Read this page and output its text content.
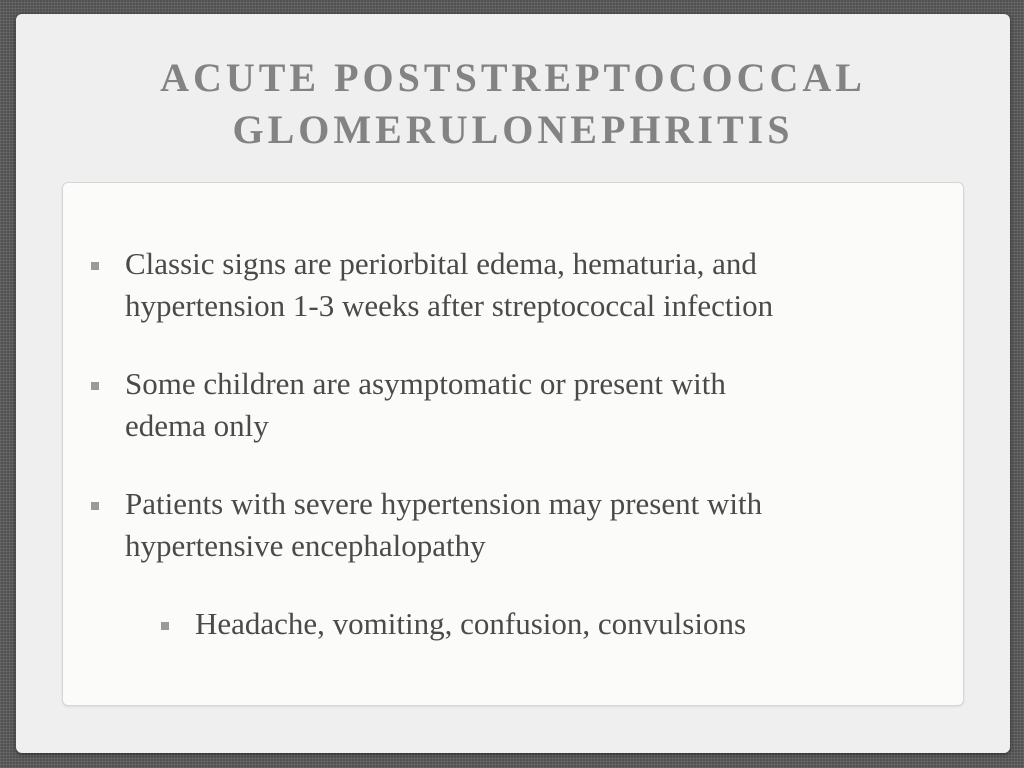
ACUTE POSTSTREPTOCOCCAL
GLOMERULONEPHRITIS
Classic signs are periorbital edema, hematuria, and
hypertension 1-3 weeks after streptococcal infection
Some children are asymptomatic or present with
edema only
Patients with severe hypertension may present with
hypertensive encephalopathy
Headache, vomiting, confusion, convulsions
